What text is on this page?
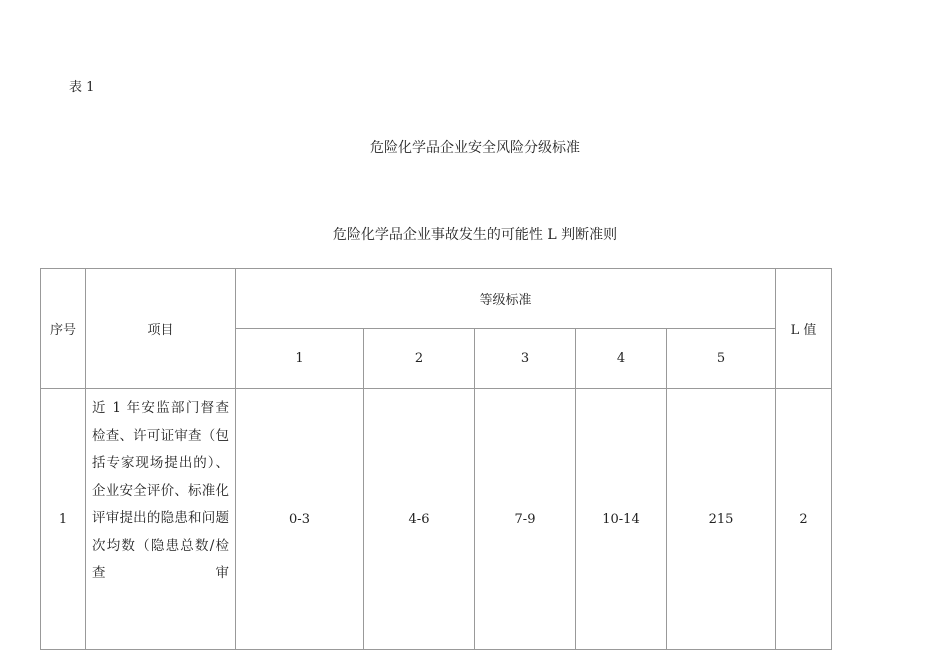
表 1
危险化学品企业安全风险分级标准
危险化学品企业事故发生的可能性 L 判断准则
序号	项目	等级标准					L 值
		1	2	3	4	5	
1	近 1 年安监部门督查检查、许可证审查（包括专家现场提出的）、企业安全评价、标准化评审提出的隐患和问题次均数（隐患总数/检查审	0-3	4-6	7-9	10-14	215	2
